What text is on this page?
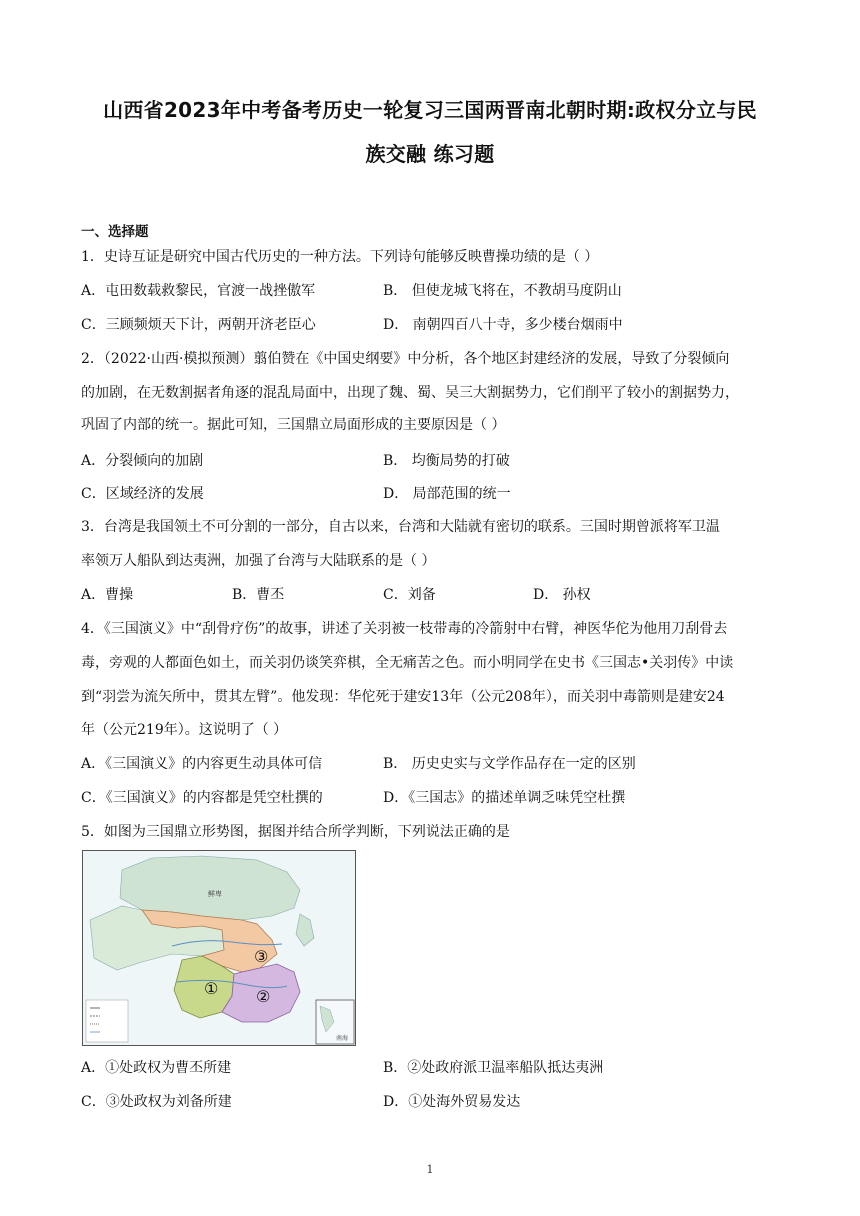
山西省2023年中考备考历史一轮复习三国两晋南北朝时期:政权分立与民
族交融 练习题
一、选择题
1．史诗互证是研究中国古代历史的一种方法。下列诗句能够反映曹操功绩的是（ ）
A．屯田数载救黎民，官渡一战挫傲军	B． 但使龙城飞将在，不教胡马度阴山
C．三顾频烦天下计，两朝开济老臣心	D． 南朝四百八十寺，多少楼台烟雨中
2．（2022·山西·模拟预测）翦伯赞在《中国史纲要》中分析，各个地区封建经济的发展，导致了分裂倾向
的加剧，在无数割据者角逐的混乱局面中，出现了魏、蜀、吴三大割据势力，它们削平了较小的割据势力，
巩固了内部的统一。据此可知，三国鼎立局面形成的主要原因是（ ）
A．分裂倾向的加剧	B． 均衡局势的打破
C．区域经济的发展	D． 局部范围的统一
3．台湾是我国领土不可分割的一部分，自古以来，台湾和大陆就有密切的联系。三国时期曾派将军卫温
率领万人船队到达夷洲，加强了台湾与大陆联系的是（ ）
A．曹操	B．曹丕	C．刘备	D． 孙权
4．《三国演义》中“刮骨疗伤”的故事，讲述了关羽被一枝带毒的冷箭射中右臂，神医华佗为他用刀刮骨去
毒，旁观的人都面色如土，而关羽仍谈笑弈棋，全无痛苦之色。而小明同学在史书《三国志•关羽传》中读
到“羽尝为流矢所中，贯其左臂”。他发现：华佗死于建安13年（公元208年），而关羽中毒箭则是建安24
年（公元219年）。这说明了（ ）
A．《三国演义》的内容更生动具体可信	B． 历史史实与文学作品存在一定的区别
C．《三国演义》的内容都是凭空杜撰的	D．《三国志》的描述单调乏味凭空杜撰
5．如图为三国鼎立形势图，据图并结合所学判断，下列说法正确的是
鲜卑
③
① ②
南海
A．①处政权为曹丕所建	B．②处政府派卫温率船队抵达夷洲
C．③处政权为刘备所建	D．①处海外贸易发达
1
